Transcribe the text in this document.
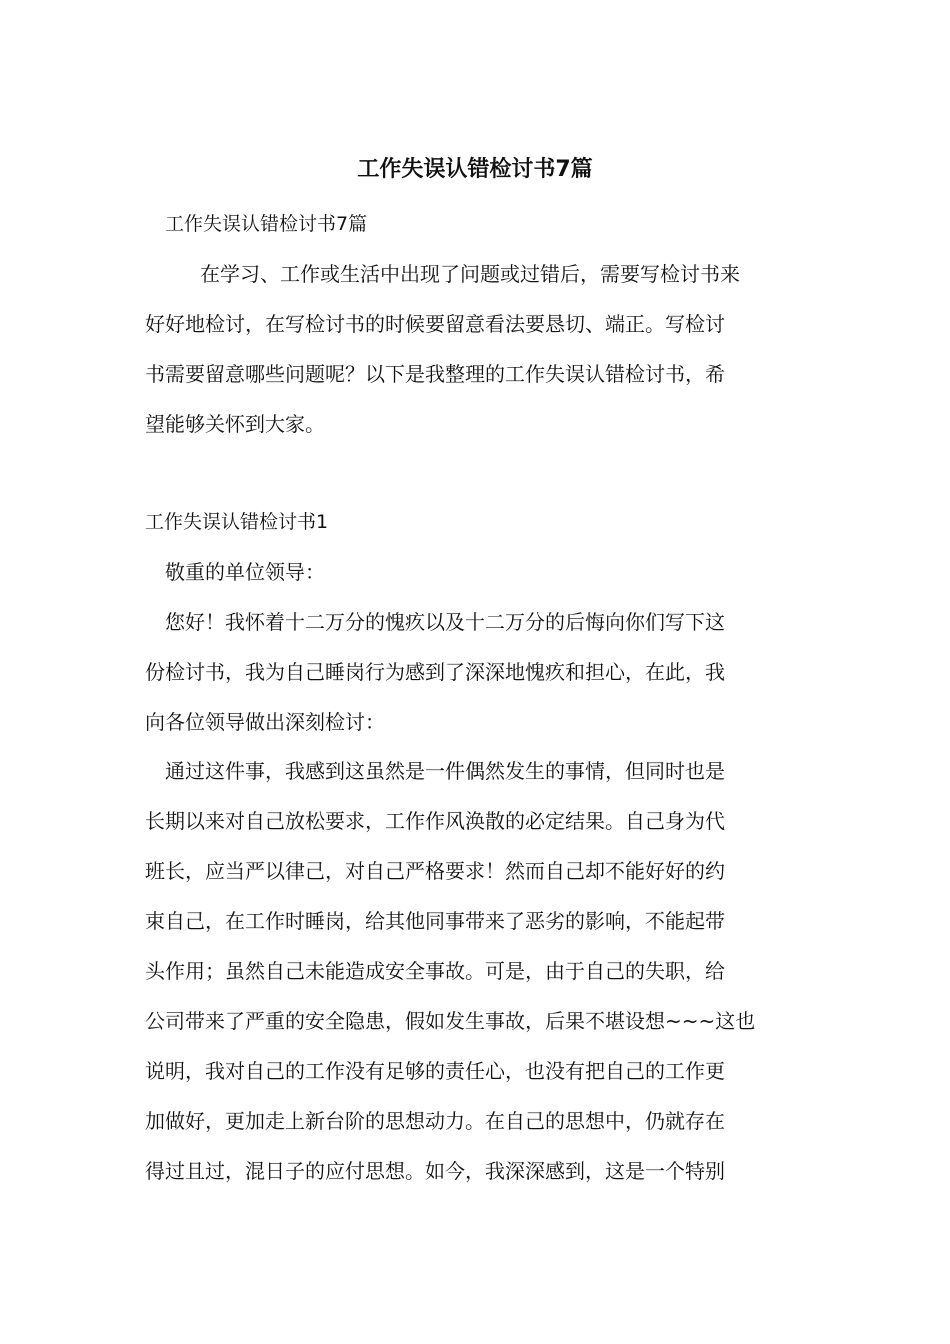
工作失误认错检讨书7篇

工作失误认错检讨书7篇

在学习、工作或生活中出现了问题或过错后，需要写检讨书来

好好地检讨，在写检讨书的时候要留意看法要恳切、端正。写检讨

书需要留意哪些问题呢？以下是我整理的工作失误认错检讨书，希

望能够关怀到大家。

工作失误认错检讨书1

敬重的单位领导：

您好！我怀着十二万分的愧疚以及十二万分的后悔向你们写下这

份检讨书，我为自己睡岗行为感到了深深地愧疚和担心，在此，我

向各位领导做出深刻检讨：

通过这件事，我感到这虽然是一件偶然发生的事情，但同时也是

长期以来对自己放松要求，工作作风涣散的必定结果。自己身为代

班长，应当严以律己，对自己严格要求！然而自己却不能好好的约

束自己，在工作时睡岗，给其他同事带来了恶劣的影响，不能起带

头作用；虽然自己未能造成安全事故。可是，由于自己的失职，给

公司带来了严重的安全隐患，假如发生事故，后果不堪设想~~~这也

说明，我对自己的工作没有足够的责任心，也没有把自己的工作更

加做好，更加走上新台阶的思想动力。在自己的思想中，仍就存在

得过且过，混日子的应付思想。如今，我深深感到，这是一个特别
